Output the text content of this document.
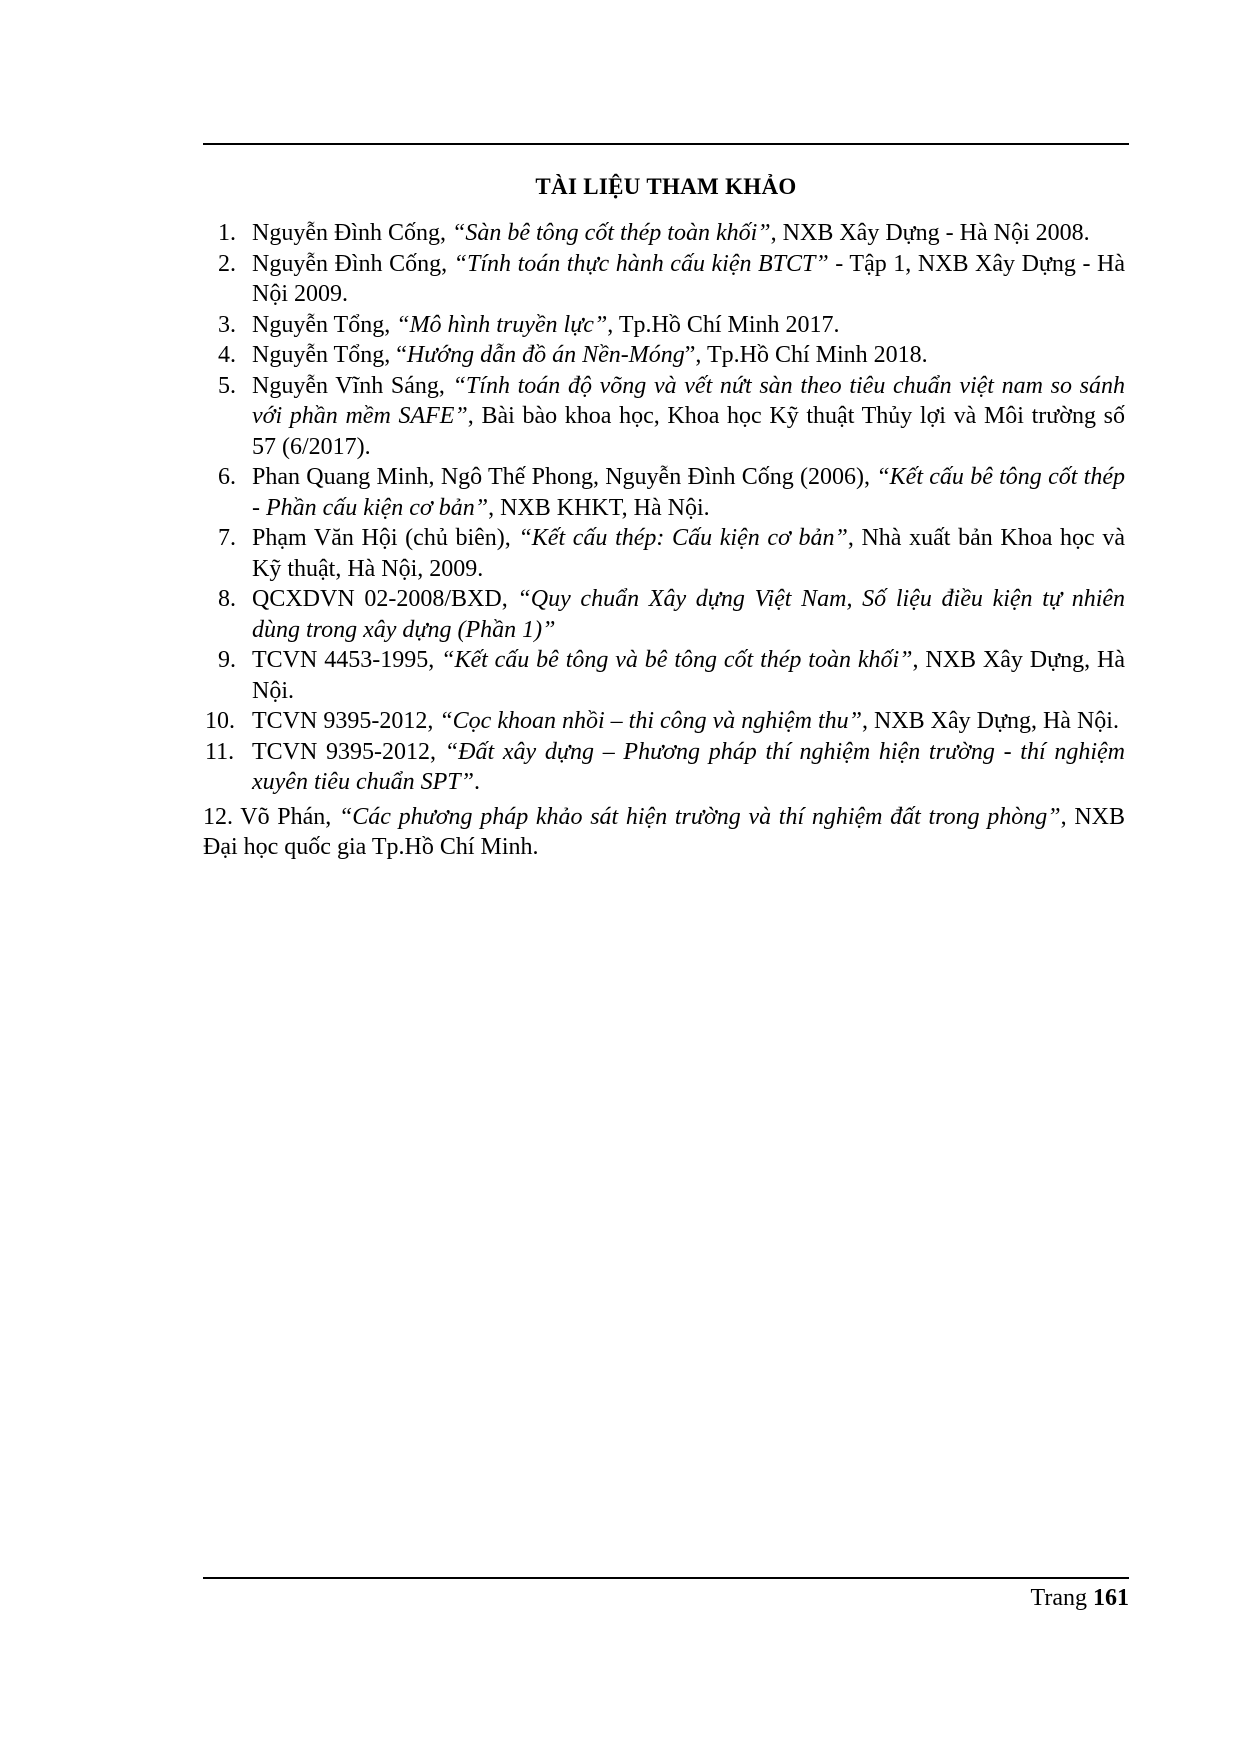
TÀI LIỆU THAM KHẢO
1. Nguyễn Đình Cống, “Sàn bê tông cốt thép toàn khối”, NXB Xây Dựng - Hà Nội 2008.
2. Nguyễn Đình Cống, “Tính toán thực hành cấu kiện BTCT” - Tập 1, NXB Xây Dựng - Hà Nội 2009.
3. Nguyễn Tổng, “Mô hình truyền lực”, Tp.Hồ Chí Minh 2017.
4. Nguyễn Tổng, “Hướng dẫn đồ án Nền-Móng”, Tp.Hồ Chí Minh 2018.
5. Nguyễn Vĩnh Sáng, “Tính toán độ võng và vết nứt sàn theo tiêu chuẩn việt nam so sánh với phần mềm SAFE”, Bài bào khoa học, Khoa học Kỹ thuật Thủy lợi và Môi trường số 57 (6/2017).
6. Phan Quang Minh, Ngô Thế Phong, Nguyễn Đình Cống (2006), “Kết cấu bê tông cốt thép - Phần cấu kiện cơ bản”, NXB KHKT, Hà Nội.
7. Phạm Văn Hội (chủ biên), “Kết cấu thép: Cấu kiện cơ bản”, Nhà xuất bản Khoa học và Kỹ thuật, Hà Nội, 2009.
8. QCXDVN 02-2008/BXD, “Quy chuẩn Xây dựng Việt Nam, Số liệu điều kiện tự nhiên dùng trong xây dựng (Phần 1)”
9. TCVN 4453-1995, “Kết cấu bê tông và bê tông cốt thép toàn khối”, NXB Xây Dựng, Hà Nội.
10. TCVN 9395-2012, “Cọc khoan nhồi – thi công và nghiệm thu”, NXB Xây Dựng, Hà Nội.
11. TCVN 9395-2012, “Đất xây dựng – Phương pháp thí nghiệm hiện trường - thí nghiệm xuyên tiêu chuẩn SPT”.
12. Võ Phán, “Các phương pháp khảo sát hiện trường và thí nghiệm đất trong phòng”, NXB Đại học quốc gia Tp.Hồ Chí Minh.
Trang 161
